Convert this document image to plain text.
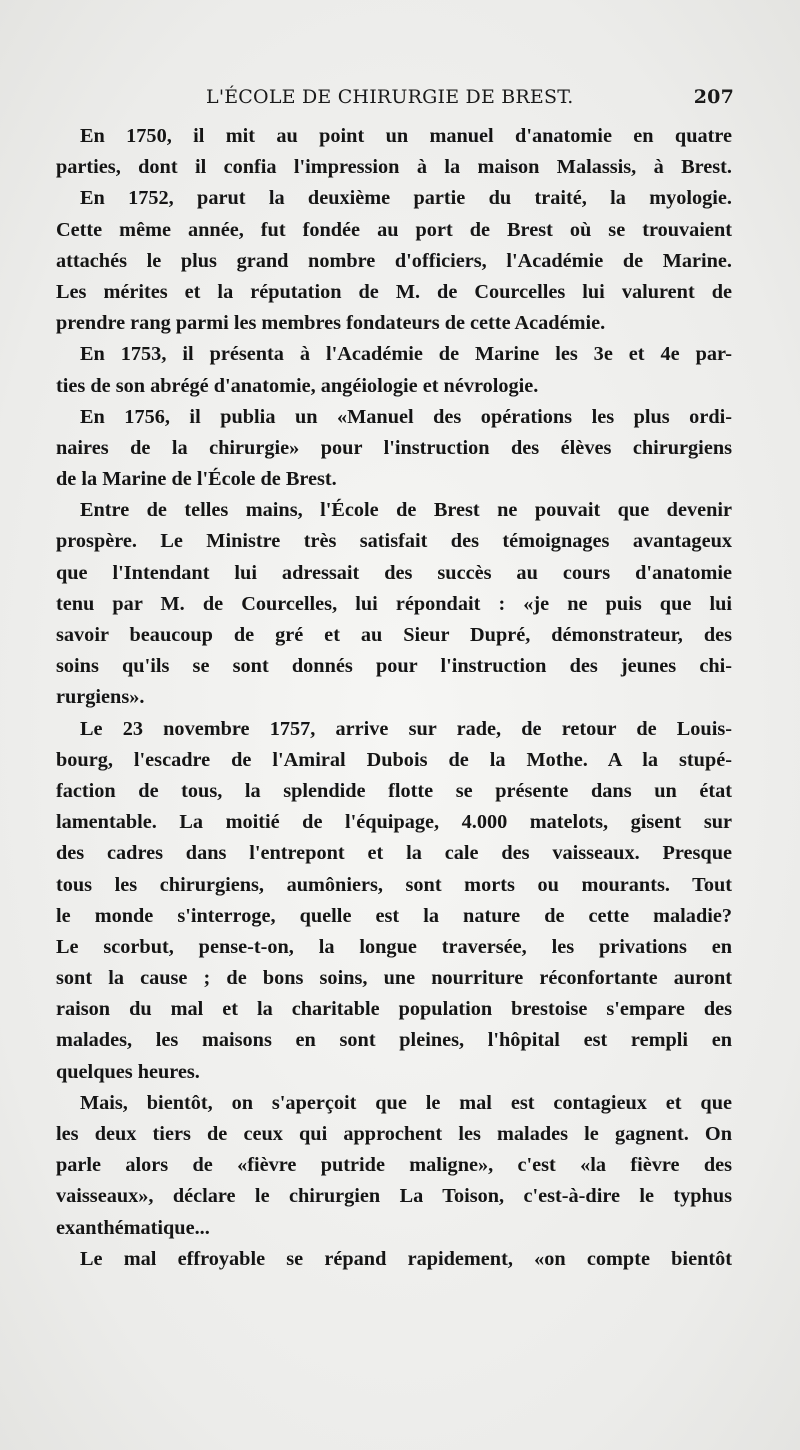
L'ÉCOLE DE CHIRURGIE DE BREST.	207
En 1750, il mit au point un manuel d'anatomie en quatre
parties, dont il confia l'impression à la maison Malassis, à Brest.
En 1752, parut la deuxième partie du traité, la myologie.
Cette même année, fut fondée au port de Brest où se trouvaient
attachés le plus grand nombre d'officiers, l'Académie de Marine.
Les mérites et la réputation de M. de Courcelles lui valurent de
prendre rang parmi les membres fondateurs de cette Académie.
En 1753, il présenta à l'Académie de Marine les 3e et 4e par-
ties de son abrégé d'anatomie, angéiologie et névrologie.
En 1756, il publia un «Manuel des opérations les plus ordi-
naires de la chirurgie» pour l'instruction des élèves chirurgiens
de la Marine de l'École de Brest.
Entre de telles mains, l'École de Brest ne pouvait que devenir
prospère. Le Ministre très satisfait des témoignages avantageux
que l'Intendant lui adressait des succès au cours d'anatomie
tenu par M. de Courcelles, lui répondait : «je ne puis que lui
savoir beaucoup de gré et au Sieur Dupré, démonstrateur, des
soins qu'ils se sont donnés pour l'instruction des jeunes chi-
rurgiens».
Le 23 novembre 1757, arrive sur rade, de retour de Louis-
bourg, l'escadre de l'Amiral Dubois de la Mothe. A la stupé-
faction de tous, la splendide flotte se présente dans un état
lamentable. La moitié de l'équipage, 4.000 matelots, gisent sur
des cadres dans l'entrepont et la cale des vaisseaux. Presque
tous les chirurgiens, aumôniers, sont morts ou mourants. Tout
le monde s'interroge, quelle est la nature de cette maladie?
Le scorbut, pense-t-on, la longue traversée, les privations en
sont la cause ; de bons soins, une nourriture réconfortante auront
raison du mal et la charitable population brestoise s'empare des
malades, les maisons en sont pleines, l'hôpital est rempli en
quelques heures.
Mais, bientôt, on s'aperçoit que le mal est contagieux et que
les deux tiers de ceux qui approchent les malades le gagnent. On
parle alors de «fièvre putride maligne», c'est «la fièvre des
vaisseaux», déclare le chirurgien La Toison, c'est-à-dire le typhus
exanthématique...
Le mal effroyable se répand rapidement, «on compte bientôt
